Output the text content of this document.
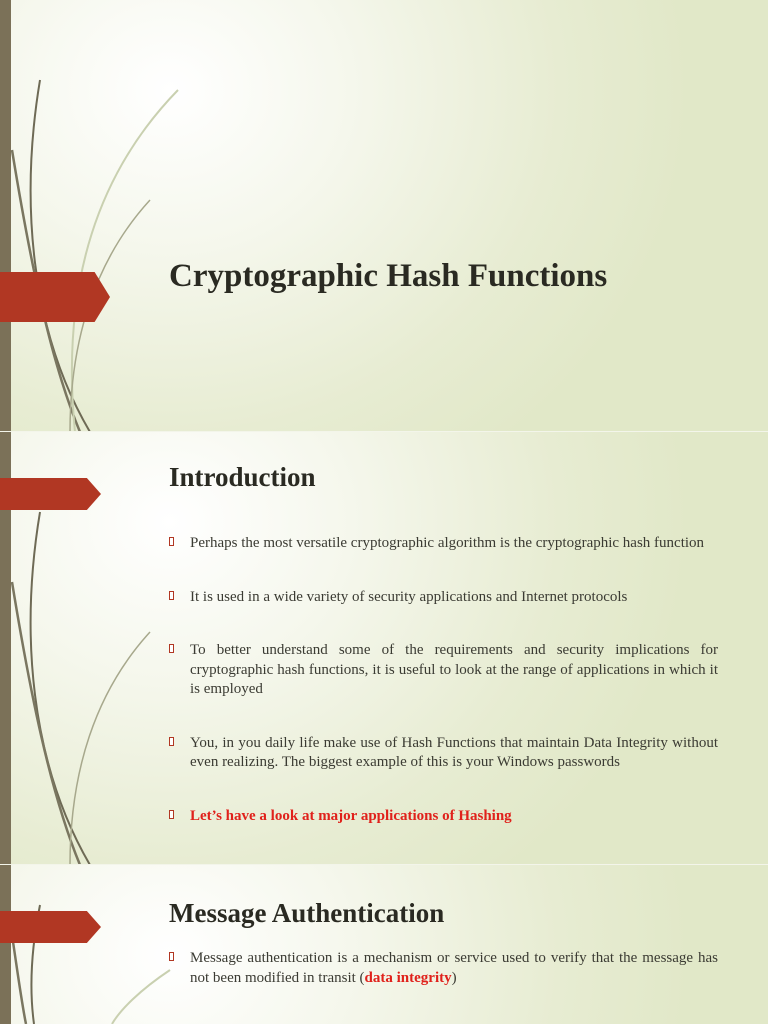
Cryptographic Hash Functions
Introduction
Perhaps the most versatile cryptographic algorithm is the cryptographic hash function
It is used in a wide variety of security applications and Internet protocols
To better understand some of the requirements and security implications for cryptographic hash functions, it is useful to look at the range of applications in which it is employed
You, in you daily life make use of Hash Functions that maintain Data Integrity without even realizing. The biggest example of this is your Windows passwords
Let’s have a look at major applications of Hashing
Message Authentication
Message authentication is a mechanism or service used to verify that the message has not been modified in transit (data integrity)
